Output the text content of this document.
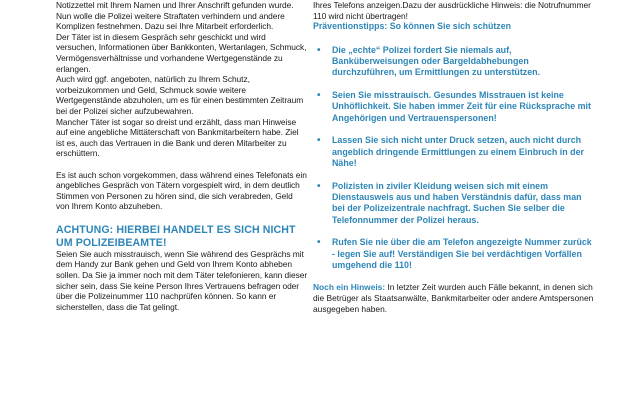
Notizzettel mit Ihrem Namen und Ihrer Anschrift gefunden wurde. Nun wolle die Polizei weitere Straftaten verhindern und andere Komplizen festnehmen. Dazu sei Ihre Mitarbeit erforderlich.

Der Täter ist in diesem Gespräch sehr geschickt und wird versuchen, Informationen über Bankkonten, Wertanlagen, Schmuck, Vermögensverhältnisse und vorhandene Wertgegenstände zu erlangen.

Auch wird ggf. angeboten, natürlich zu Ihrem Schutz, vorbeizukommen und Geld, Schmuck sowie weitere Wertgegenstände abzuholen, um es für einen bestimmten Zeitraum bei der Polizei sicher aufzubewahren.

Mancher Täter ist sogar so dreist und erzählt, dass man Hinweise auf eine angebliche Mittäterschaft von Bankmitarbeitern habe. Ziel ist es, auch das Vertrauen in die Bank und deren Mitarbeiter zu erschüttern.

Es ist auch schon vorgekommen, dass während eines Telefonats ein angebliches Gespräch von Tätern vorgespielt wird, in dem deutlich Stimmen von Personen zu hören sind, die sich verabreden, Geld von Ihrem Konto abzuheben.

ACHTUNG: HIERBEI HANDELT ES SICH NICHT UM POLIZEIBEAMTE!

Seien Sie auch misstrauisch, wenn Sie während des Gesprächs mit dem Handy zur Bank gehen und Geld von Ihrem Konto abheben sollen. Da Sie ja immer noch mit dem Täter telefonieren, kann dieser sicher sein, dass Sie keine Person Ihres Vertrauens befragen oder über die Polizeinummer 110 nachprüfen können. So kann er sicherstellen, dass die Tat gelingt.

Ihres Telefons anzeigen.Dazu der ausdrückliche Hinweis: die Notrufnummer 110 wird nicht übertragen!

Präventionstipps: So können Sie sich schützen
• Die „echte“ Polizei fordert Sie niemals auf, Banküberweisungen oder Bargeldabhebungen durchzuführen, um Ermittlungen zu unterstützen.
• Seien Sie misstrauisch. Gesundes Misstrauen ist keine Unhöflichkeit. Sie haben immer Zeit für eine Rücksprache mit Angehörigen und Vertrauenspersonen!
• Lassen Sie sich nicht unter Druck setzen, auch nicht durch angeblich dringende Ermittlungen zu einem Einbruch in der Nähe!
• Polizisten in ziviler Kleidung weisen sich mit einem Dienstausweis aus und haben Verständnis dafür, dass man bei der Polizeizentrale nachfragt. Suchen Sie selber die Telefonnummer der Polizei heraus.
• Rufen Sie nie über die am Telefon angezeigte Nummer zurück - legen Sie auf! Verständigen Sie bei verdächtigen Vorfällen umgehend die 110!

Noch ein Hinweis: In letzter Zeit wurden auch Fälle bekannt, in denen sich die Betrüger als Staatsanwälte, Bankmitarbeiter oder andere Amtspersonen ausgegeben haben.
